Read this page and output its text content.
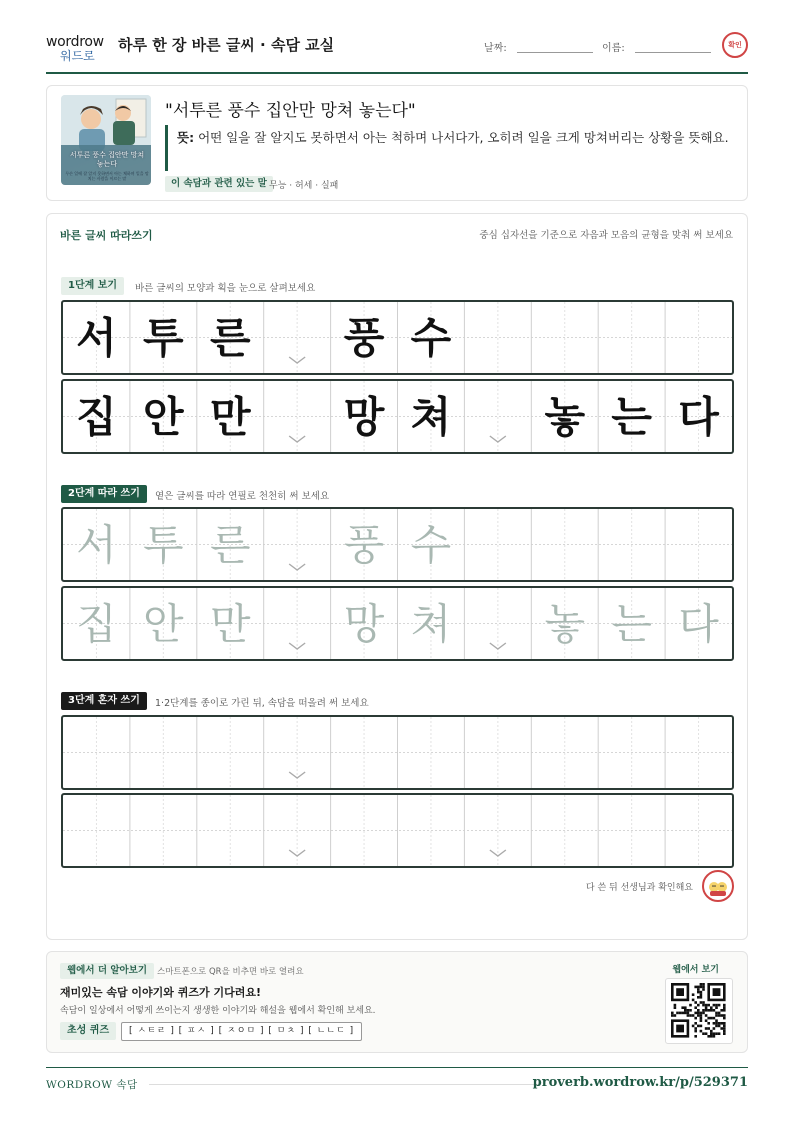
wordrow
워드로
하루 한 장 바른 글씨 · 속담 교실	날짜:	이름:	확인
서투른 풍수 집안만 망쳐 놓는다
무슨 일에 잘 알지 못하면서 아는 체하며 일을 망치는 사람을 이르는 말
"서투른 풍수 집안만 망쳐 놓는다"
뜻: 어떤 일을 잘 알지도 못하면서 아는 척하며 나서다가, 오히려 일을 크게 망쳐버리는 상황을 뜻해요.
이 속담과 관련 있는 말 무능 · 허세 · 실패
바른 글씨 따라쓰기	중심 십자선을 기준으로 자음과 모음의 균형을 맞춰 써 보세요
1단계 보기	바른 글씨의 모양과 획을 눈으로 살펴보세요
서 투 른 풍 수
집 안 만 망 쳐 놓 는 다
2단계 따라 쓰기	옅은 글씨를 따라 연필로 천천히 써 보세요
서 투 른 풍 수
집 안 만 망 쳐 놓 는 다
3단계 혼자 쓰기	1·2단계를 종이로 가린 뒤, 속담을 떠올려 써 보세요
다 쓴 뒤 선생님과 확인해요
웹에서 더 알아보기	스마트폰으로 QR을 비추면 바로 열려요
재미있는 속담 이야기와 퀴즈가 기다려요!
속담이 일상에서 어떻게 쓰이는지 생생한 이야기와 해설을 웹에서 확인해 보세요.
초성 퀴즈	[ ㅅㅌㄹ ] [ ㅍㅅ ] [ ㅈㅇㅁ ] [ ㅁㅊ ] [ ㄴㄴㄷ ]
웹에서 보기
WORDROW 속담	proverb.wordrow.kr/p/529371
